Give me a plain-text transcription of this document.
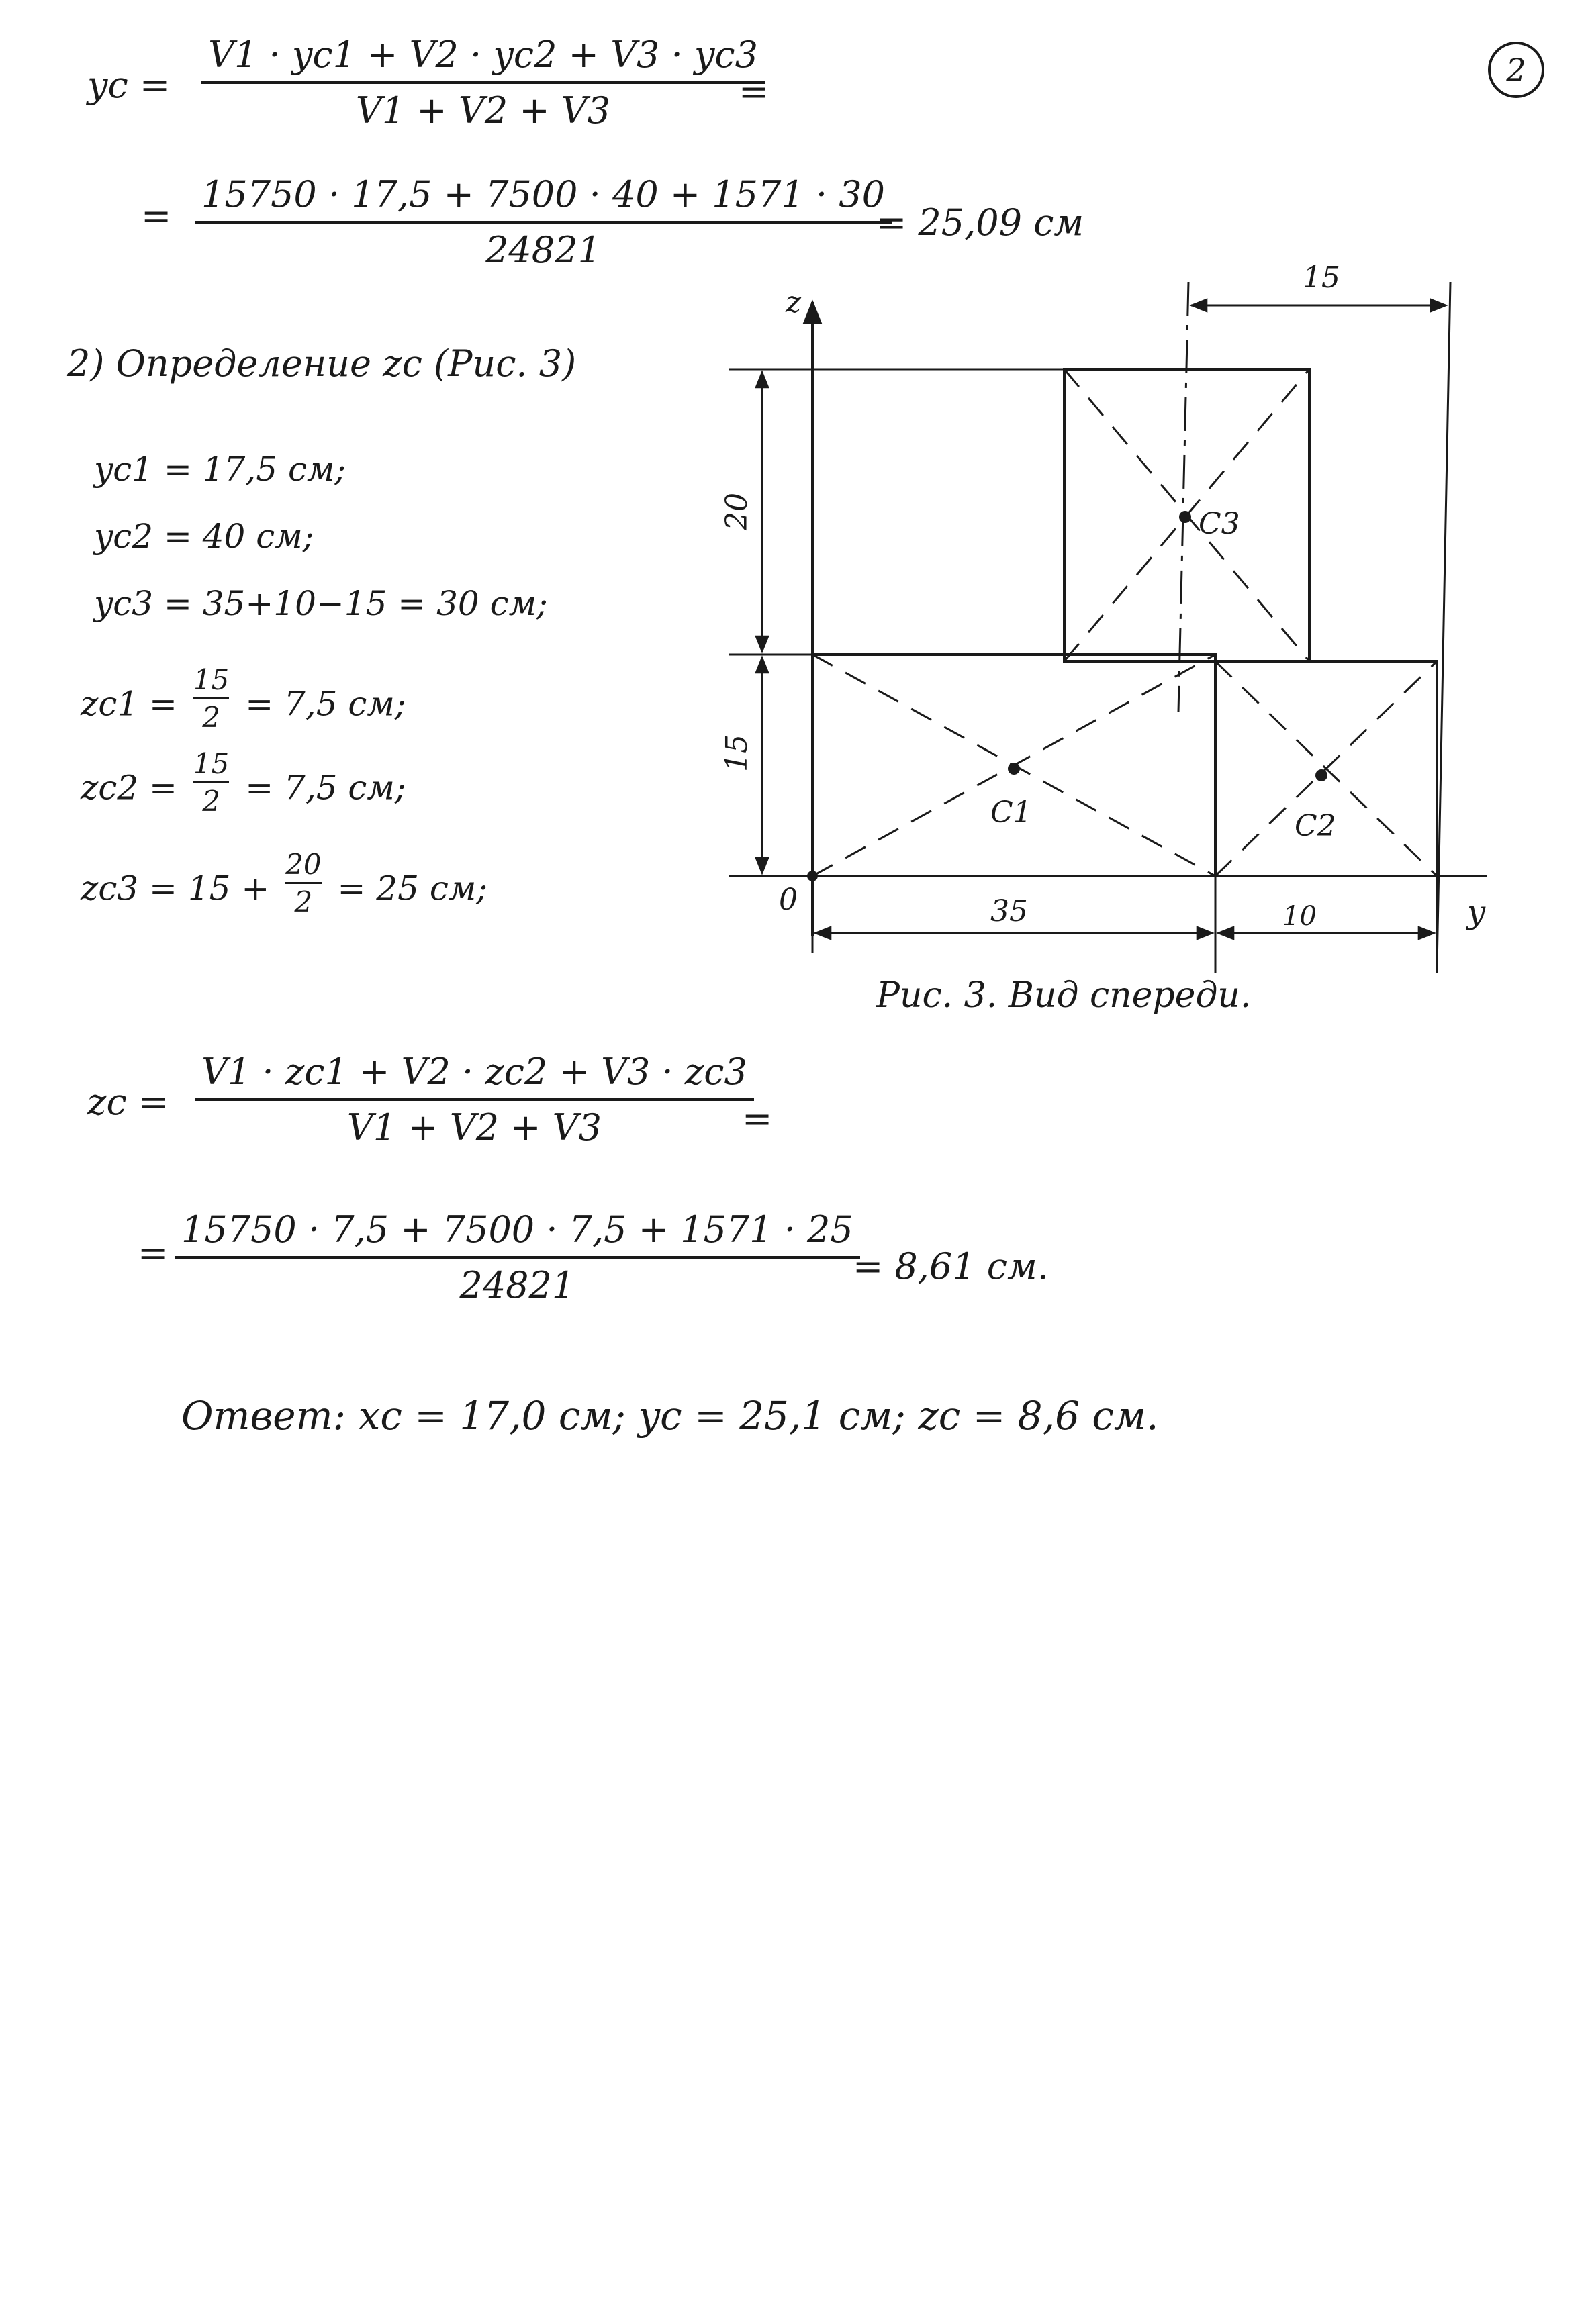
2
yc =
V1 · yc1 + V2 · yc2 + V3 · yc3
V1 + V2 + V3	=
=
15750 · 17,5 + 7500 · 40 + 1571 · 30
24821
= 25,09 см
2) Определение zc (Рис. 3)
yc1 = 17,5 см;
yc2 = 40 см;
yc3 = 35+10−15 = 30 см;
$zc1 = \frac{15}{2} = 7,5$ см;
$zc2 = \frac{15}{2} = 7,5$ см;
$zc3 = 15 + \frac{20}{2} = 25$ см;
z
y
0	35	10
15
20
15
C1	C2
C3
Рис. 3. Вид спереди.
zc =
V1 · zc1 + V2 · zc2 + V3 · zc3
V1 + V2 + V3	=
=
15750 · 7,5 + 7500 · 7,5 + 1571 · 25
24821	= 8,61 см.
Ответ: xc = 17,0 см; yc = 25,1 см; zc = 8,6 см.
